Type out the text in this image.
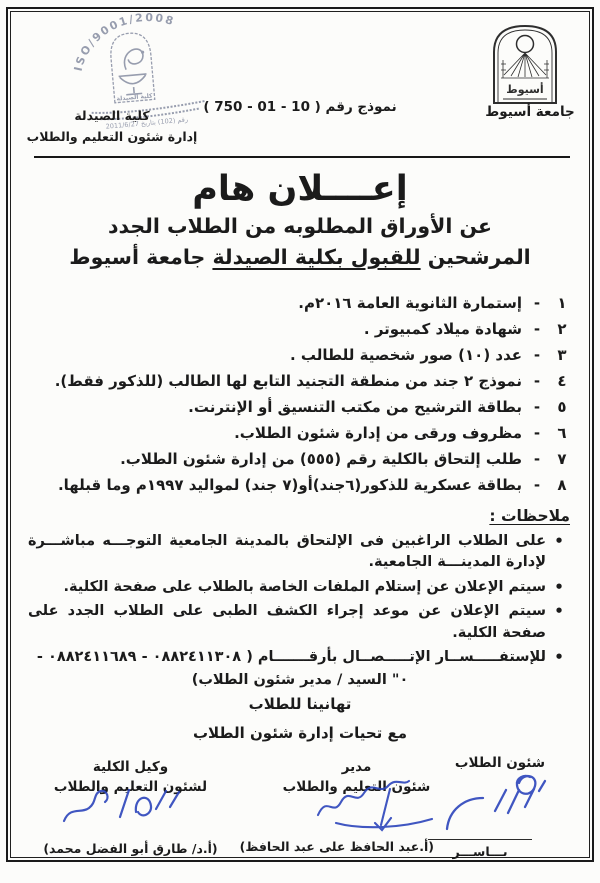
ISO/9001/2008
كلية الصيدلة
رقم (102) بتاريخ 2011/6/27
أسيوط
جامعة أسيوط
نموذج رقم ( 750 - 01 - 10 )
كلية الصيدلة
إدارة شئون التعليم والطلاب
إعــــلان هام
عن الأوراق المطلوبه من الطلاب الجدد
المرشحين للقبول بكلية الصيدلة جامعة أسيوط
١
-
إستمارة الثانوية العامة ٢٠١٦م.
٢
-
شهادة ميلاد كمبيوتر .
٣
-
عدد (١٠) صور شخصية للطالب .
٤
-
نموذج ٢ جند من منطقة التجنيد التابع لها الطالب (للذكور فقط).
٥
-
بطاقة الترشيح من مكتب التنسيق أو الإنترنت.
٦
-
مظروف ورقى من إدارة شئون الطلاب.
٧
-
طلب إلتحاق بالكلية رقم (٥٥٥) من إدارة شئون الطلاب.
٨
-
بطاقة عسكرية للذكور(٦جند)أو(٧ جند) لمواليد ١٩٩٧م وما قبلها.
ملاحظات :
•
على الطلاب الراغبين فى الإلتحاق بالمدينة الجامعية التوجـــه مباشـــرة لإدارة المدينـــة الجامعية.
•
سيتم الإعلان عن إستلام الملفات الخاصة بالطلاب على صفحة الكلية.
•
سيتم الإعلان عن موعد إجراء الكشف الطبى على الطلاب الجدد على صفحة الكلية.
•
للإستفـــــســار الإتـــــصــال بأرقـــــــام ( ٠٨٨٢٤١١٣٠٨ - ٠٨٨٢٤١١٦٨٩ -
٠" السيد / مدير شئون الطلاب)
تهانينا للطلاب
مع تحيات إدارة شئون الطلاب
شئون الطلاب
مدير
شئون التعليم والطلاب
(أ.عبد الحافظ على عبد الحافظ)
وكيل الكلية
لشئون التعليم والطلاب
(أ.د/ طارق أبو الفضل محمد)	يـــاســـر
